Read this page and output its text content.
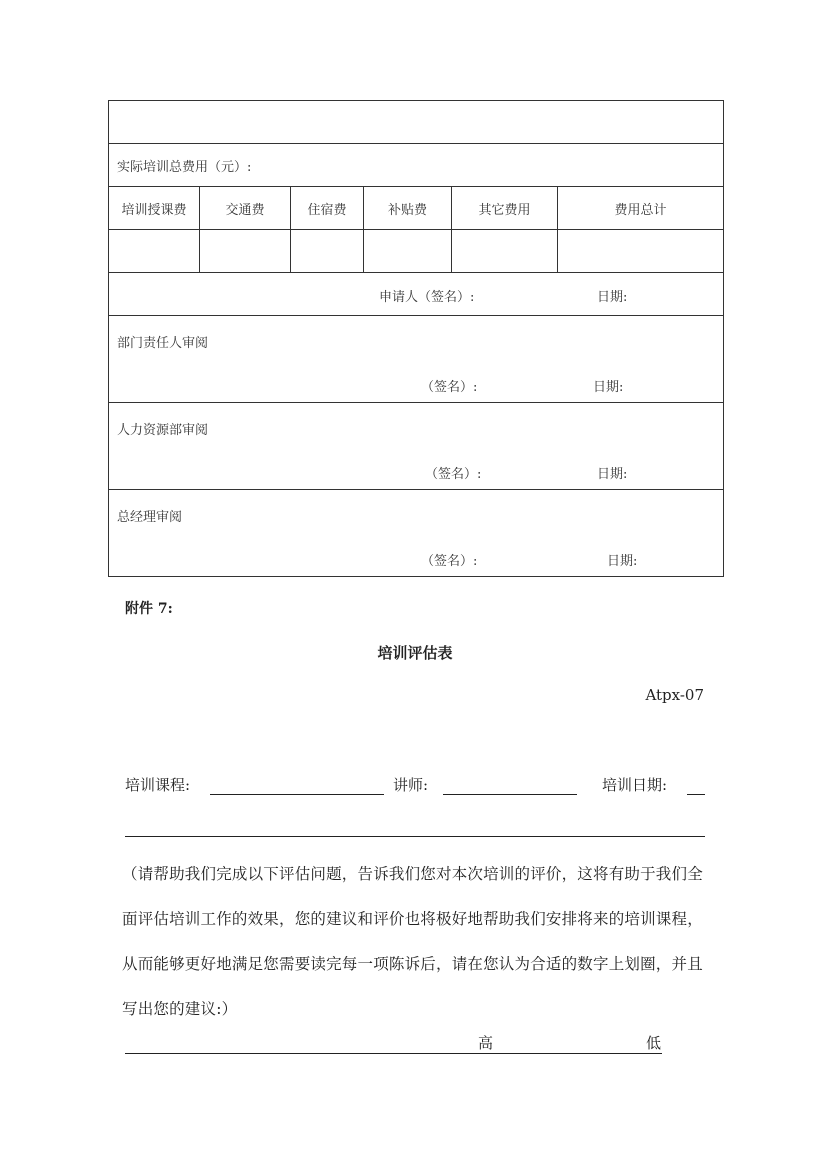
实际培训总费用（元）:					
培训授课费	交通费	住宿费	补贴费	其它费用	费用总计

申请人（签名）: 日期:					

部门责任人审阅
（签名）: 日期:					

人力资源部审阅
（签名）: 日期:					

总经理审阅
（签名）: 日期:					
附件 7:
培训评估表
Atpx-07
培训课程:	讲师:	培训日期:
（请帮助我们完成以下评估问题，告诉我们您对本次培训的评价，这将有助于我们全面评估培训工作的效果，您的建议和评价也将极好地帮助我们安排将来的培训课程，从而能够更好地满足您需要读完每一项陈诉后，请在您认为合适的数字上划圈，并且写出您的建议:）
高	低
